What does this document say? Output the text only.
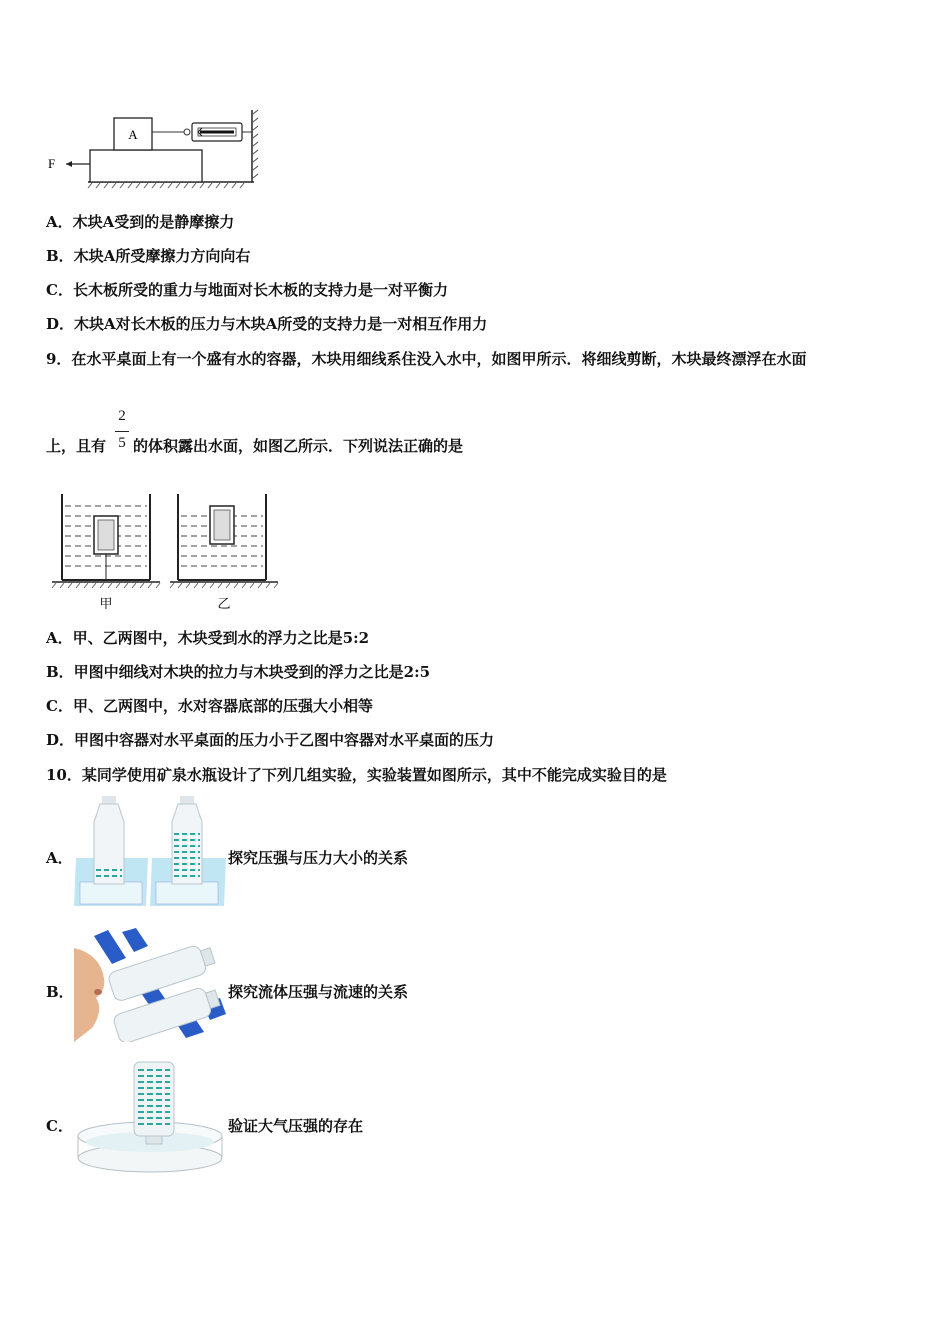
A
F
A．木块A受到的是静摩擦力
B．木块A所受摩擦力方向向右
C．长木板所受的重力与地面对长木板的支持力是一对平衡力
D．木块A对长木板的压力与木块A所受的支持力是一对相互作用力
9．在水平桌面上有一个盛有水的容器，木块用细线系住没入水中，如图甲所示．将细线剪断，木块最终漂浮在水面
上，且有
2
5 的体积露出水面，如图乙所示．下列说法正确的是
甲	乙
A．甲、乙两图中，木块受到水的浮力之比是5:2
B．甲图中细线对木块的拉力与木块受到的浮力之比是2:5
C．甲、乙两图中，水对容器底部的压强大小相等
D．甲图中容器对水平桌面的压力小于乙图中容器对水平桌面的压力
10．某同学使用矿泉水瓶设计了下列几组实验，实验装置如图所示，其中不能完成实验目的是
A．	探究压强与压力大小的关系
B．	探究流体压强与流速的关系
C．	验证大气压强的存在
